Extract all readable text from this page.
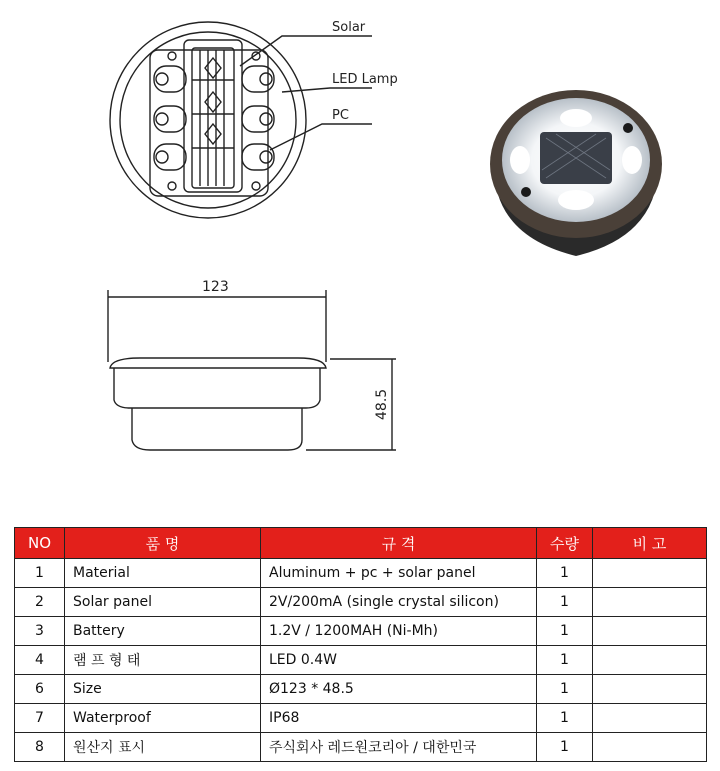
Solar
LED Lamp
PC
123
48.5
NO	품 명	규 격	수량	비 고
1	Material	Aluminum + pc + solar panel	1	
2	Solar panel	2V/200mA (single crystal silicon)	1	
3	Battery	1.2V / 1200MAH (Ni-Mh)	1	
4	램 프 형 태	LED 0.4W	1	
6	Size	Ø123 * 48.5	1	
7	Waterproof	IP68	1	
8	원산지 표시	주식회사 레드원코리아 / 대한민국	1	
